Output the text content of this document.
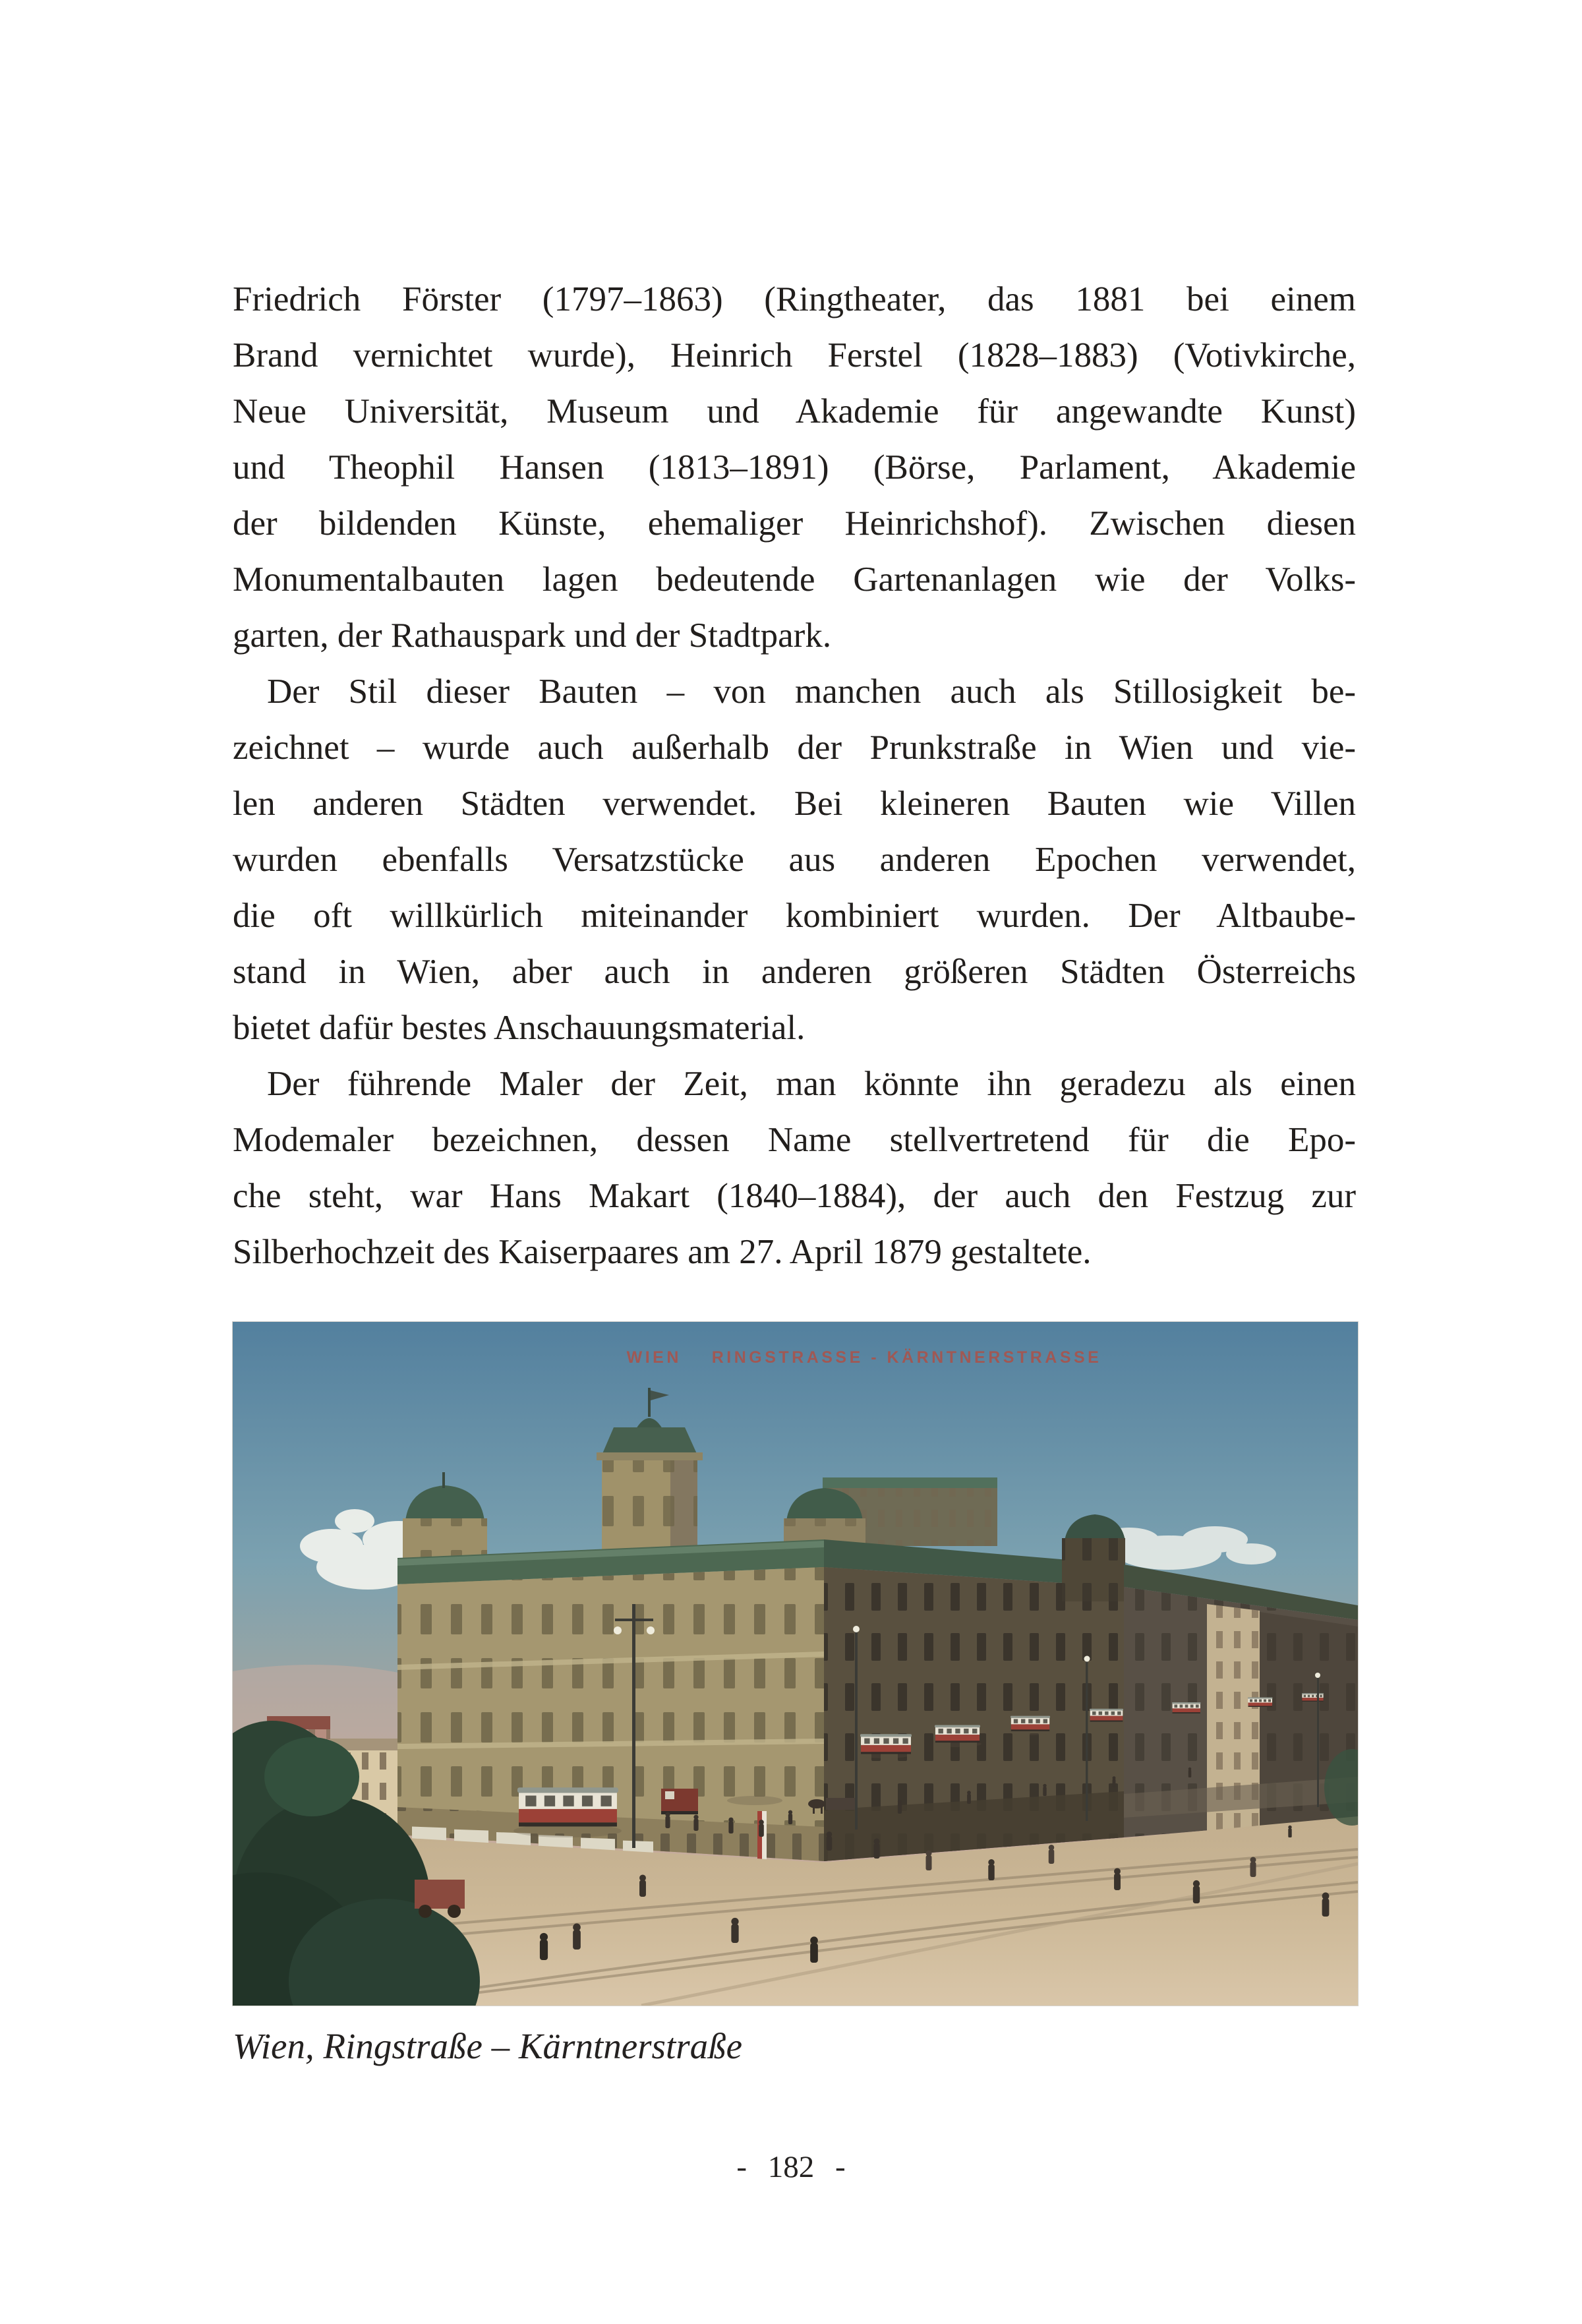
Friedrich Förster (1797–1863) (Ringtheater, das 1881 bei einem
Brand vernichtet wurde), Heinrich Ferstel (1828–1883) (Votivkirche,
Neue Universität, Museum und Akademie für angewandte Kunst)
und Theophil Hansen (1813–1891) (Börse, Parlament, Akademie
der bildenden Künste, ehemaliger Heinrichshof). Zwischen diesen
Monumentalbauten lagen bedeutende Gartenanlagen wie der Volks-
garten, der Rathauspark und der Stadtpark.
Der Stil dieser Bauten – von manchen auch als Stillosigkeit be-
zeichnet – wurde auch außerhalb der Prunkstraße in Wien und vie-
len anderen Städten verwendet. Bei kleineren Bauten wie Villen
wurden ebenfalls Versatzstücke aus anderen Epochen verwendet,
die oft willkürlich miteinander kombiniert wurden. Der Altbaube-
stand in Wien, aber auch in anderen größeren Städten Österreichs
bietet dafür bestes Anschauungsmaterial.
Der führende Maler der Zeit, man könnte ihn geradezu als einen
Modemaler bezeichnen, dessen Name stellvertretend für die Epo-
che steht, war Hans Makart (1840–1884), der auch den Festzug zur
Silberhochzeit des Kaiserpaares am 27. April 1879 gestaltete.
WIEN    RINGSTRASSE - KÄRNTNERSTRASSE
Wien, Ringstraße – Kärntnerstraße
- 182 -
